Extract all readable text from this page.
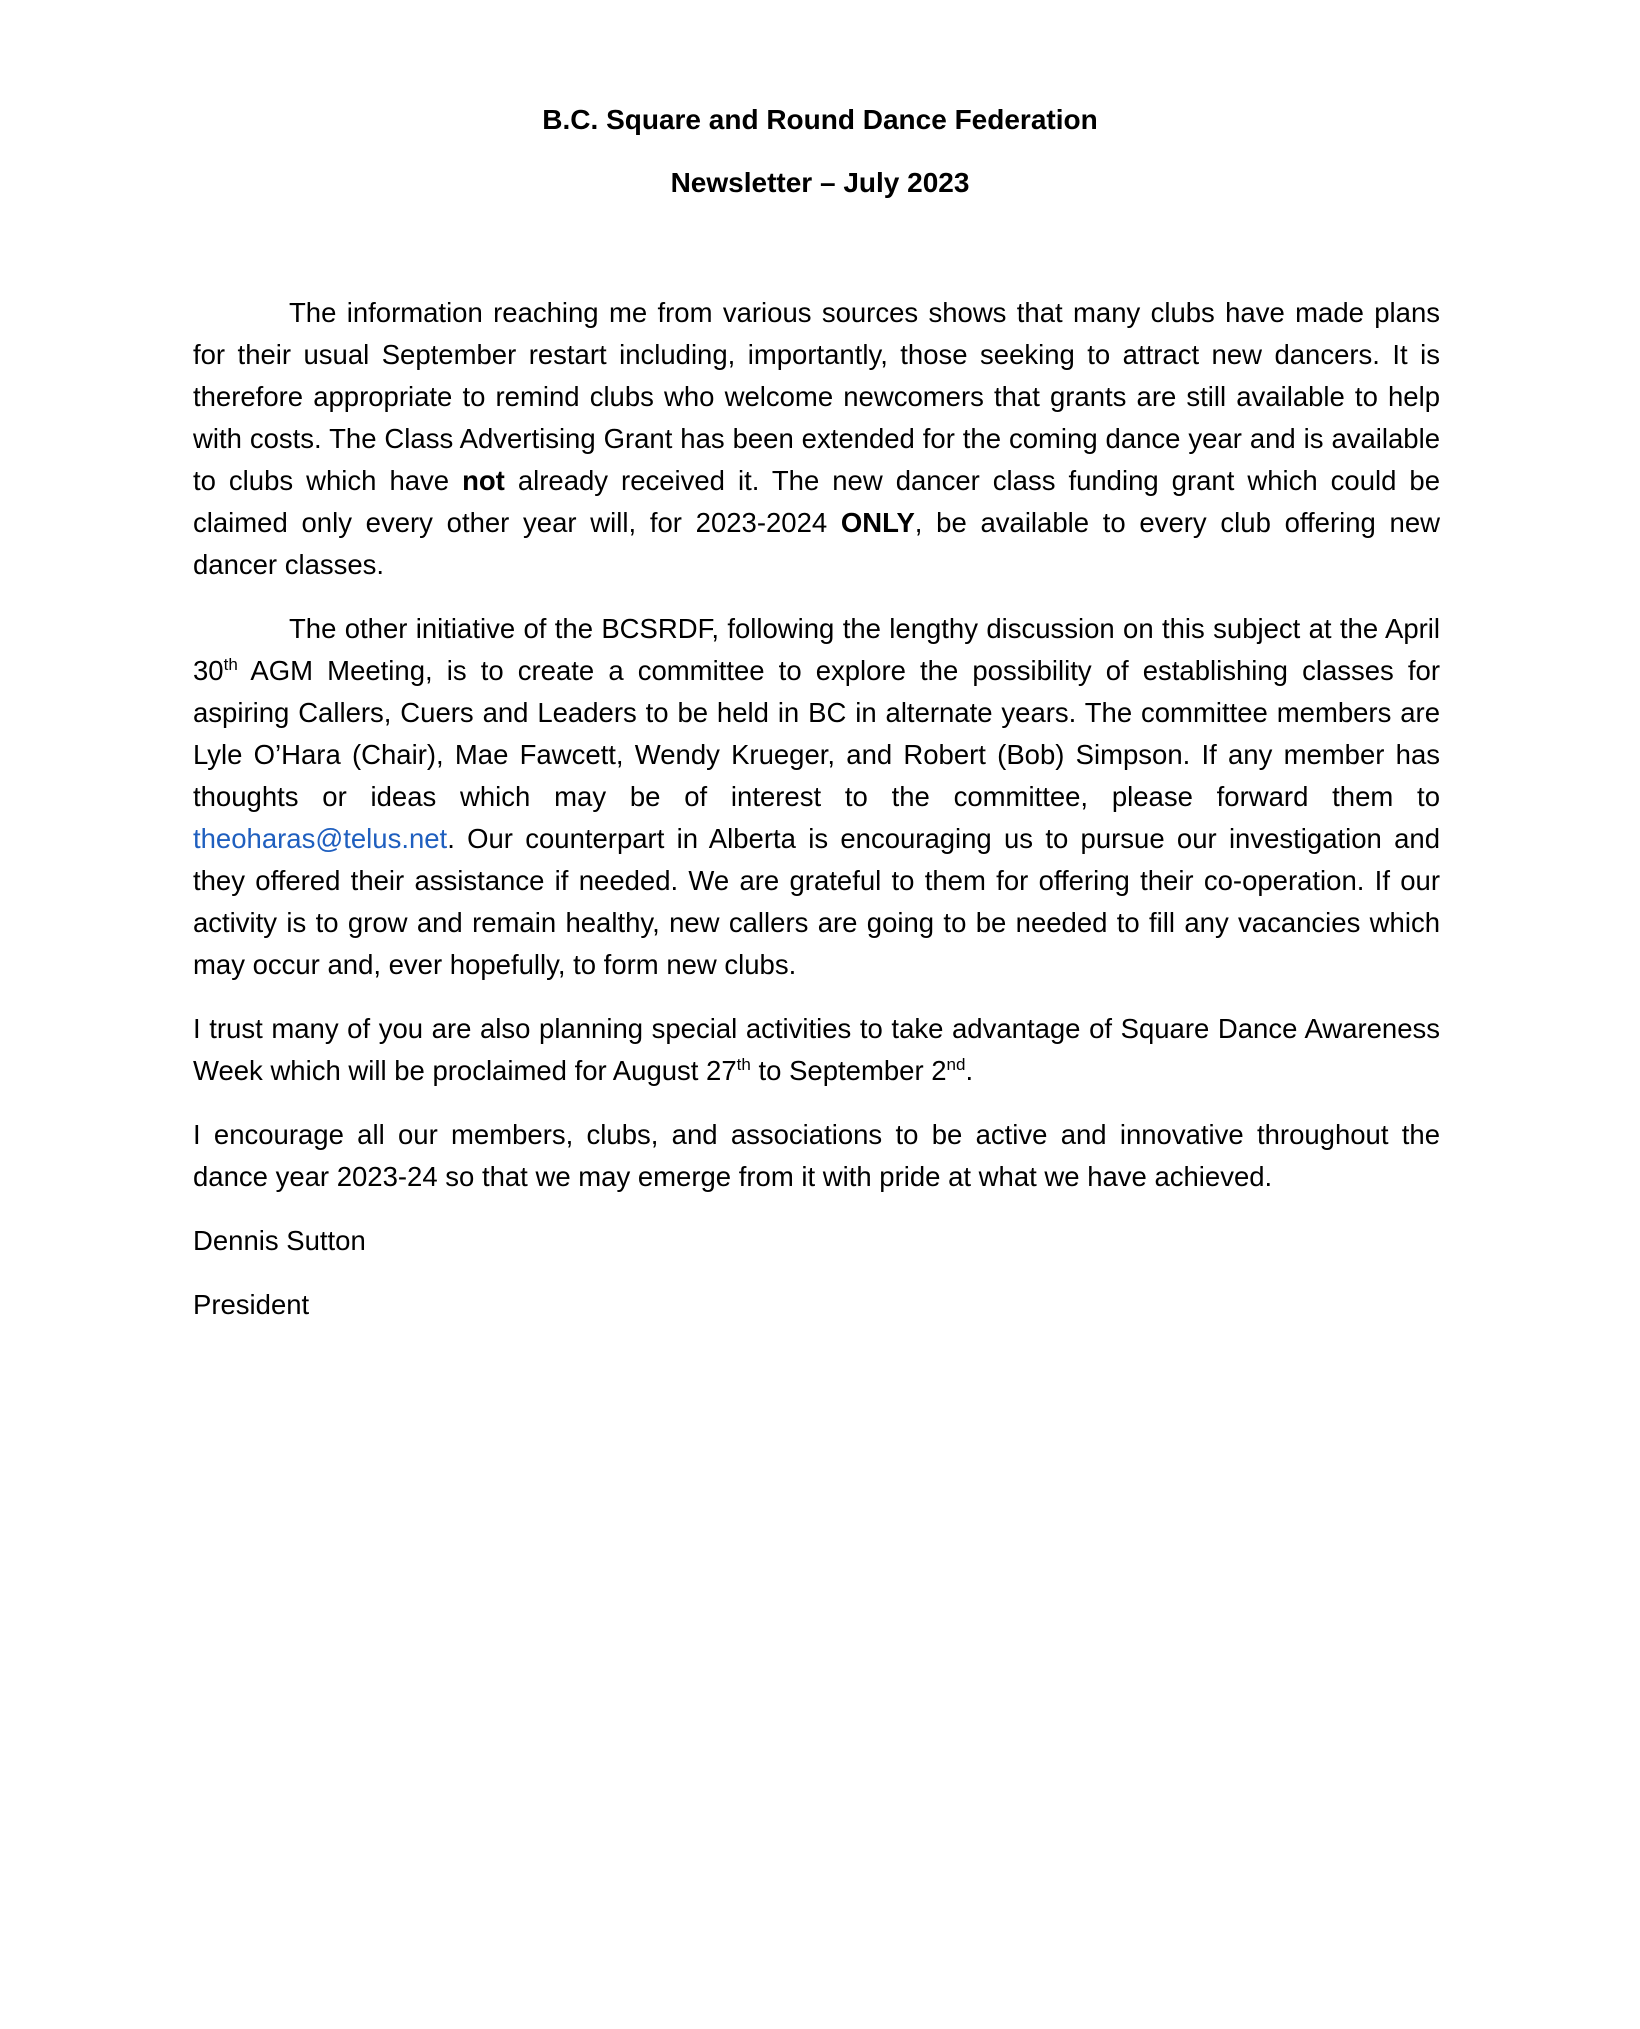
B.C. Square and Round Dance Federation
Newsletter – July 2023

The information reaching me from various sources shows that many clubs have made plans for their usual September restart including, importantly, those seeking to attract new dancers. It is therefore appropriate to remind clubs who welcome newcomers that grants are still available to help with costs. The Class Advertising Grant has been extended for the coming dance year and is available to clubs which have not already received it. The new dancer class funding grant which could be claimed only every other year will, for 2023-2024 ONLY, be available to every club offering new dancer classes.

The other initiative of the BCSRDF, following the lengthy discussion on this subject at the April 30th AGM Meeting, is to create a committee to explore the possibility of establishing classes for aspiring Callers, Cuers and Leaders to be held in BC in alternate years. The committee members are Lyle O’Hara (Chair), Mae Fawcett, Wendy Krueger, and Robert (Bob) Simpson. If any member has thoughts or ideas which may be of interest to the committee, please forward them to theoharas@telus.net. Our counterpart in Alberta is encouraging us to pursue our investigation and they offered their assistance if needed. We are grateful to them for offering their co-operation. If our activity is to grow and remain healthy, new callers are going to be needed to fill any vacancies which may occur and, ever hopefully, to form new clubs.

I trust many of you are also planning special activities to take advantage of Square Dance Awareness Week which will be proclaimed for August 27th to September 2nd.

I encourage all our members, clubs, and associations to be active and innovative throughout the dance year 2023-24 so that we may emerge from it with pride at what we have achieved.

Dennis Sutton

President
